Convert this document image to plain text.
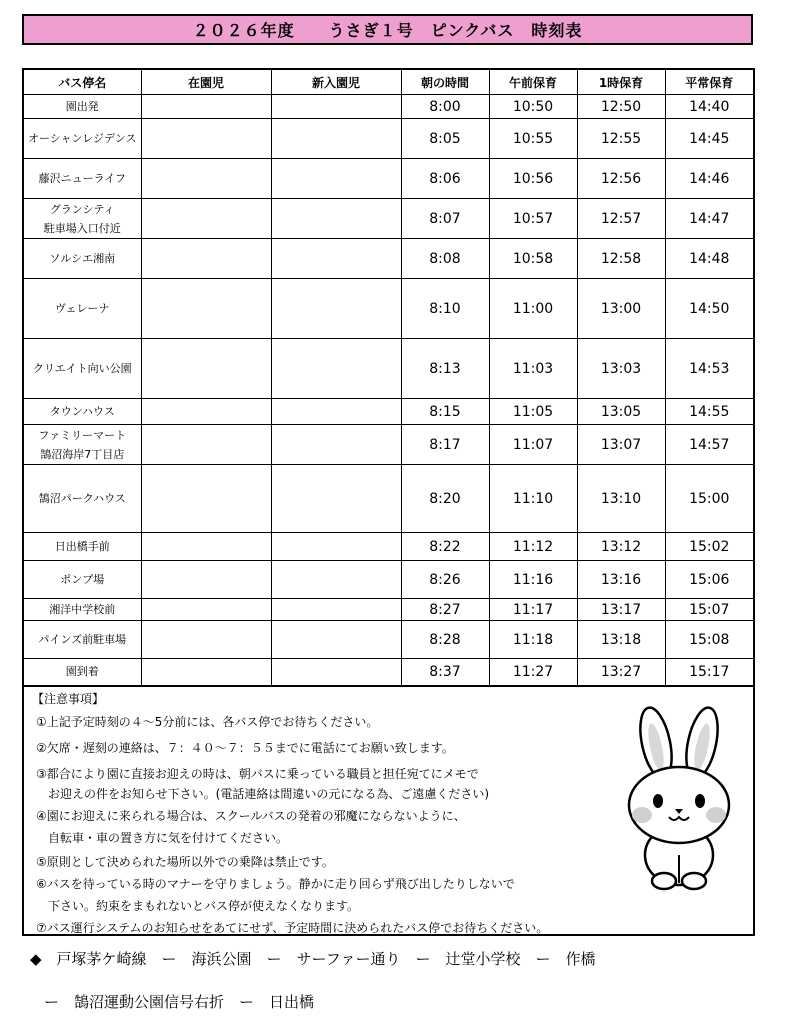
２０２６年度
　　 うさぎ１号　ピンクバス
　 時刻表
バス停名	在園児	新入園児	朝の時間	午前保育	1時保育	平常保育

園出発			8:00	10:50	12:50	14:40

オーシャンレジデンス			8:05	10:55	12:55	14:45

藤沢ニューライフ			8:06	10:56	12:56	14:46

グランシティ
駐車場入口付近			8:07	10:57	12:57	14:47

ソルシエ湘南			8:08	10:58	12:58	14:48

ヴェレーナ			8:10	11:00	13:00	14:50

クリエイト向い公園			8:13	11:03	13:03	14:53

タウンハウス			8:15	11:05	13:05	14:55

ファミリーマート
鵠沼海岸7丁目店			8:17	11:07	13:07	14:57

鵠沼パークハウス			8:20	11:10	13:10	15:00

日出橋手前			8:22	11:12	13:12	15:02

ポンプ場			8:26	11:16	13:16	15:06

湘洋中学校前			8:27	11:17	13:17	15:07

パインズ前駐車場			8:28	11:18	13:18	15:08

園到着			8:37	11:27	13:27	15:17
【注意事項】
①上記予定時刻の４～5分前には、各バス停でお待ちください。
②欠席・遅刻の連絡は、７：４０～７：５５までに電話にてお願い致します。
③都合により園に直接お迎えの時は、朝バスに乗っている職員と担任宛てにメモで
　お迎えの件をお知らせ下さい。(電話連絡は間違いの元になる為、ご遠慮ください)
④園にお迎えに来られる場合は、スクールバスの発着の邪魔にならないように、
　自転車・車の置き方に気を付けてください。
⑤原則として決められた場所以外での乗降は禁止です。
⑥バスを待っている時のマナーを守りましょう。静かに走り回らず飛び出したりしないで
　下さい。約束をまもれないとバス停が使えなくなります。
⑦バス運行システムのお知らせをあてにせず、予定時間に決められたバス停でお待ちください。
◆　戸塚茅ケ崎線　ー　海浜公園　ー　サーファー通り　ー　辻堂小学校　ー　作橋
ー　鵠沼運動公園信号右折　ー　日出橋
